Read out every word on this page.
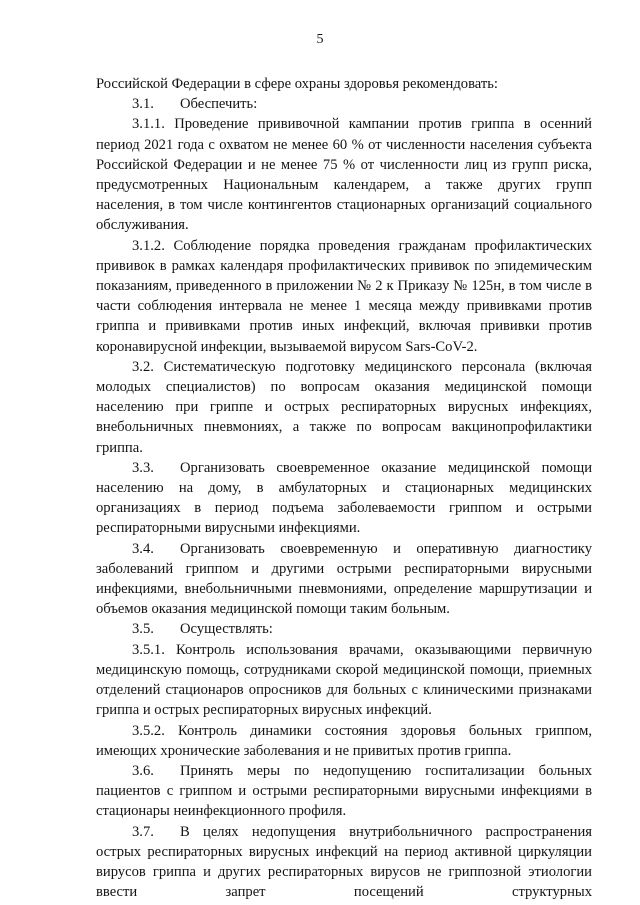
5

Российской Федерации в сфере охраны здоровья рекомендовать:

3.1. Обеспечить:

3.1.1. Проведение прививочной кампании против гриппа в осенний период 2021 года с охватом не менее 60 % от численности населения субъекта Российской Федерации и не менее 75 % от численности лиц из групп риска, предусмотренных Национальным календарем, а также других групп населения, в том числе контингентов стационарных организаций социального обслуживания.

3.1.2. Соблюдение порядка проведения гражданам профилактических прививок в рамках календаря профилактических прививок по эпидемическим показаниям, приведенного в приложении № 2 к Приказу № 125н, в том числе в части соблюдения интервала не менее 1 месяца между прививками против гриппа и прививками против иных инфекций, включая прививки против коронавирусной инфекции, вызываемой вирусом Sars-CoV-2.

3.2. Систематическую подготовку медицинского персонала (включая молодых специалистов) по вопросам оказания медицинской помощи населению при гриппе и острых респираторных вирусных инфекциях, внебольничных пневмониях, а также по вопросам вакцинопрофилактики гриппа.

3.3. Организовать своевременное оказание медицинской помощи населению на дому, в амбулаторных и стационарных медицинских организациях в период подъема заболеваемости гриппом и острыми респираторными вирусными инфекциями.

3.4. Организовать своевременную и оперативную диагностику заболеваний гриппом и другими острыми респираторными вирусными инфекциями, внебольничными пневмониями, определение маршрутизации и объемов оказания медицинской помощи таким больным.

3.5. Осуществлять:

3.5.1. Контроль использования врачами, оказывающими первичную медицинскую помощь, сотрудниками скорой медицинской помощи, приемных отделений стационаров опросников для больных с клиническими признаками гриппа и острых респираторных вирусных инфекций.

3.5.2. Контроль динамики состояния здоровья больных гриппом, имеющих хронические заболевания и не привитых против гриппа.

3.6. Принять меры по недопущению госпитализации больных пациентов с гриппом и острыми респираторными вирусными инфекциями в стационары неинфекционного профиля.

3.7. В целях недопущения внутрибольничного распространения острых респираторных вирусных инфекций на период активной циркуляции вирусов гриппа и других респираторных вирусов не гриппозной этиологии ввести запрет посещений структурных
